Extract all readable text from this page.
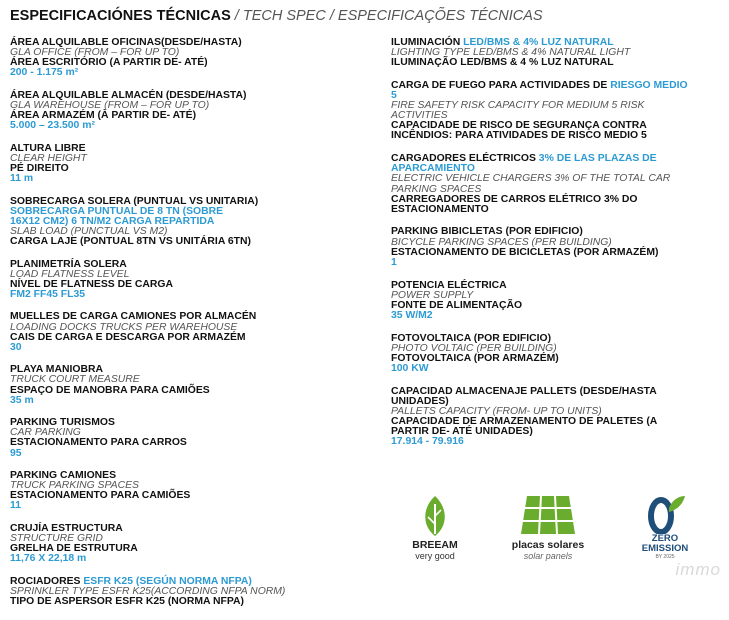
ESPECIFICACIÓNES TÉCNICAS / TECH SPEC / ESPECIFICAÇÕES TÉCNICAS
ÁREA ALQUILABLE OFICINAS(DESDE/HASTA)
GLA OFFICE (FROM – FOR UP TO)
ÁREA ESCRITÓRIO (A PARTIR DE- ATÉ)
200 - 1.175 m²
ÁREA ALQUILABLE ALMACÉN (DESDE/HASTA)
GLA WAREHOUSE (FROM – FOR UP TO)
ÁREA ARMAZÉM (À PARTIR DE- ATÉ)
5.000 – 23.500 m²
ALTURA LIBRE
CLEAR HEIGHT
PÉ DIREITO
11 m
SOBRECARGA SOLERA (PUNTUAL VS UNITARIA)
SOBRECARGA PUNTUAL DE 8 TN (SOBRE
16X12 CM2) 6 TN/M2 CARGA REPARTIDA
SLAB LOAD (PUNCTUAL VS M2)
CARGA LAJE (PONTUAL 8TN VS UNITÁRIA 6TN)
PLANIMETRÍA SOLERA
LOAD FLATNESS LEVEL
NÍVEL DE FLATNESS DE CARGA
FM2 FF45 FL35
MUELLES DE CARGA CAMIONES POR ALMACÉN
LOADING DOCKS TRUCKS PER WAREHOUSE
CAIS DE CARGA E DESCARGA POR ARMAZÉM
30
PLAYA MANIOBRA
TRUCK COURT MEASURE
ESPAÇO DE MANOBRA PARA CAMIÕES
35 m
PARKING TURISMOS
CAR PARKING
ESTACIONAMENTO PARA CARROS
95
PARKING CAMIONES
TRUCK PARKING SPACES
ESTACIONAMENTO PARA CAMIÕES
11
CRUJÍA ESTRUCTURA
STRUCTURE GRID
GRELHA DE ESTRUTURA
11,76 X 22,18 m
ROCIADORES ESFR K25 (SEGÚN NORMA NFPA)
SPRINKLER TYPE ESFR K25(ACCORDING NFPA NORM)
TIPO DE ASPERSOR ESFR K25 (NORMA NFPA)
ILUMINACIÓN LED/BMS & 4% LUZ NATURAL
LIGHTING TYPE LED/BMS & 4% NATURAL LIGHT
ILUMINAÇÃO LED/BMS & 4 % LUZ NATURAL
CARGA DE FUEGO PARA ACTIVIDADES DE RIESGO MEDIO 5
FIRE SAFETY RISK CAPACITY FOR MEDIUM 5 RISK ACTIVITIES
CAPACIDADE DE RISCO DE SEGURANÇA CONTRA INCÊNDIOS: PARA ATIVIDADES DE RISCO MEDIO 5
CARGADORES ELÉCTRICOS 3% DE LAS PLAZAS DE APARCAMIENTO
ELECTRIC VEHICLE CHARGERS 3% OF THE TOTAL CAR PARKING SPACES
CARREGADORES DE CARROS ELÉTRICO 3% DO ESTACIONAMENTO
PARKING BIBICLETAS (POR EDIFICIO)
BICYCLE PARKING SPACES (PER BUILDING)
ESTACIONAMENTO DE BICICLETAS (POR ARMAZÉM)
1
POTENCIA ELÉCTRICA
POWER SUPPLY
FONTE DE ALIMENTAÇÃO
35 W/M2
FOTOVOLTAICA (POR EDIFICIO)
PHOTO VOLTAIC (PER BUILDING)
FOTOVOLTAICA (POR ARMAZÉM)
100 KW
CAPACIDAD ALMACENAJE PALLETS (DESDE/HASTA UNIDADES)
PALLETS CAPACITY (FROM- UP TO UNITS)
CAPACIDADE DE ARMAZENAMENTO DE PALETES (A PARTIR DE- ATÉ UNIDADES)
17.914 - 79.916
BREEAM
very good
placas solares
solar panels
ZERO
EMISSION
BY 2025
immo
